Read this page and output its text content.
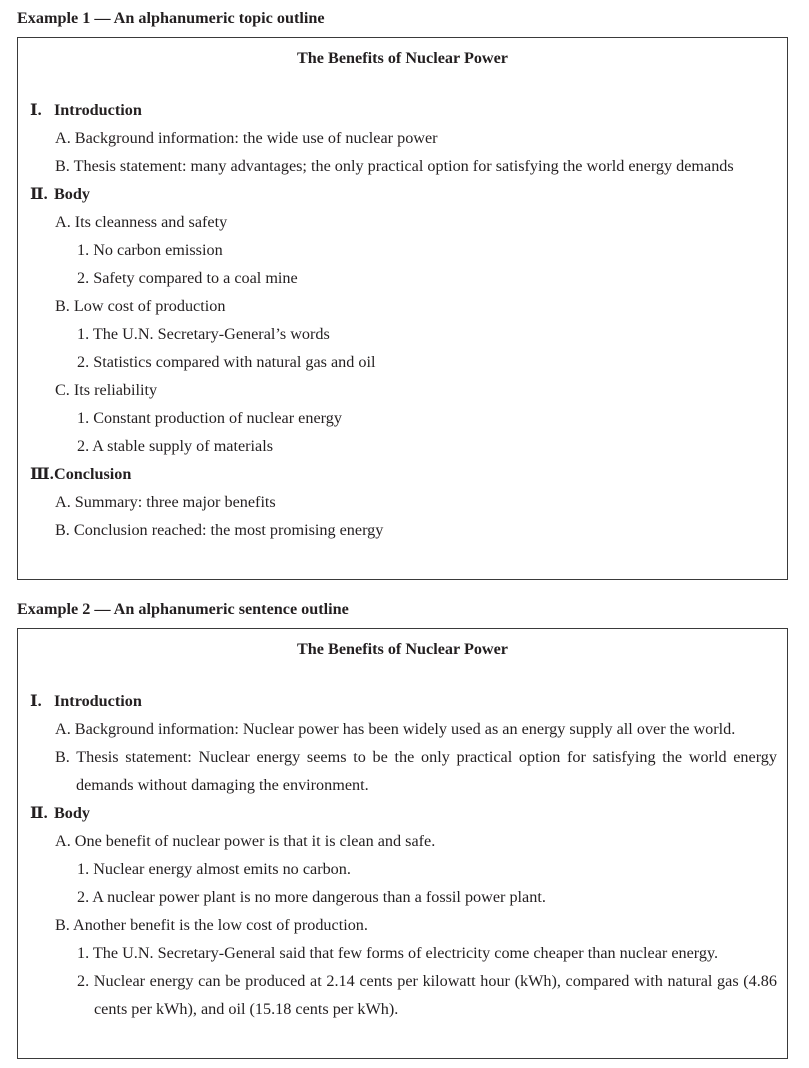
Example 1 — An alphanumeric topic outline

The Benefits of Nuclear Power

Ⅰ. Introduction

A. Background information: the wide use of nuclear power

B. Thesis statement: many advantages; the only practical option for satisfying the world energy demands

Ⅱ. Body

A. Its cleanness and safety

1. No carbon emission

2. Safety compared to a coal mine

B. Low cost of production

1. The U.N. Secretary-General’s words

2. Statistics compared with natural gas and oil

C. Its reliability

1. Constant production of nuclear energy

2. A stable supply of materials

Ⅲ.Conclusion

A. Summary: three major benefits

B. Conclusion reached: the most promising energy

Example 2 — An alphanumeric sentence outline

The Benefits of Nuclear Power

Ⅰ. Introduction

A. Background information: Nuclear power has been widely used as an energy supply all over the world.

B. Thesis statement: Nuclear energy seems to be the only practical option for satisfying the world energy demands without damaging the environment.

Ⅱ. Body

A. One benefit of nuclear power is that it is clean and safe.

1. Nuclear energy almost emits no carbon.

2. A nuclear power plant is no more dangerous than a fossil power plant.

B. Another benefit is the low cost of production.

1. The U.N. Secretary-General said that few forms of electricity come cheaper than nuclear energy.

2. Nuclear energy can be produced at 2.14 cents per kilowatt hour (kWh), compared with natural gas (4.86 cents per kWh), and oil (15.18 cents per kWh).
